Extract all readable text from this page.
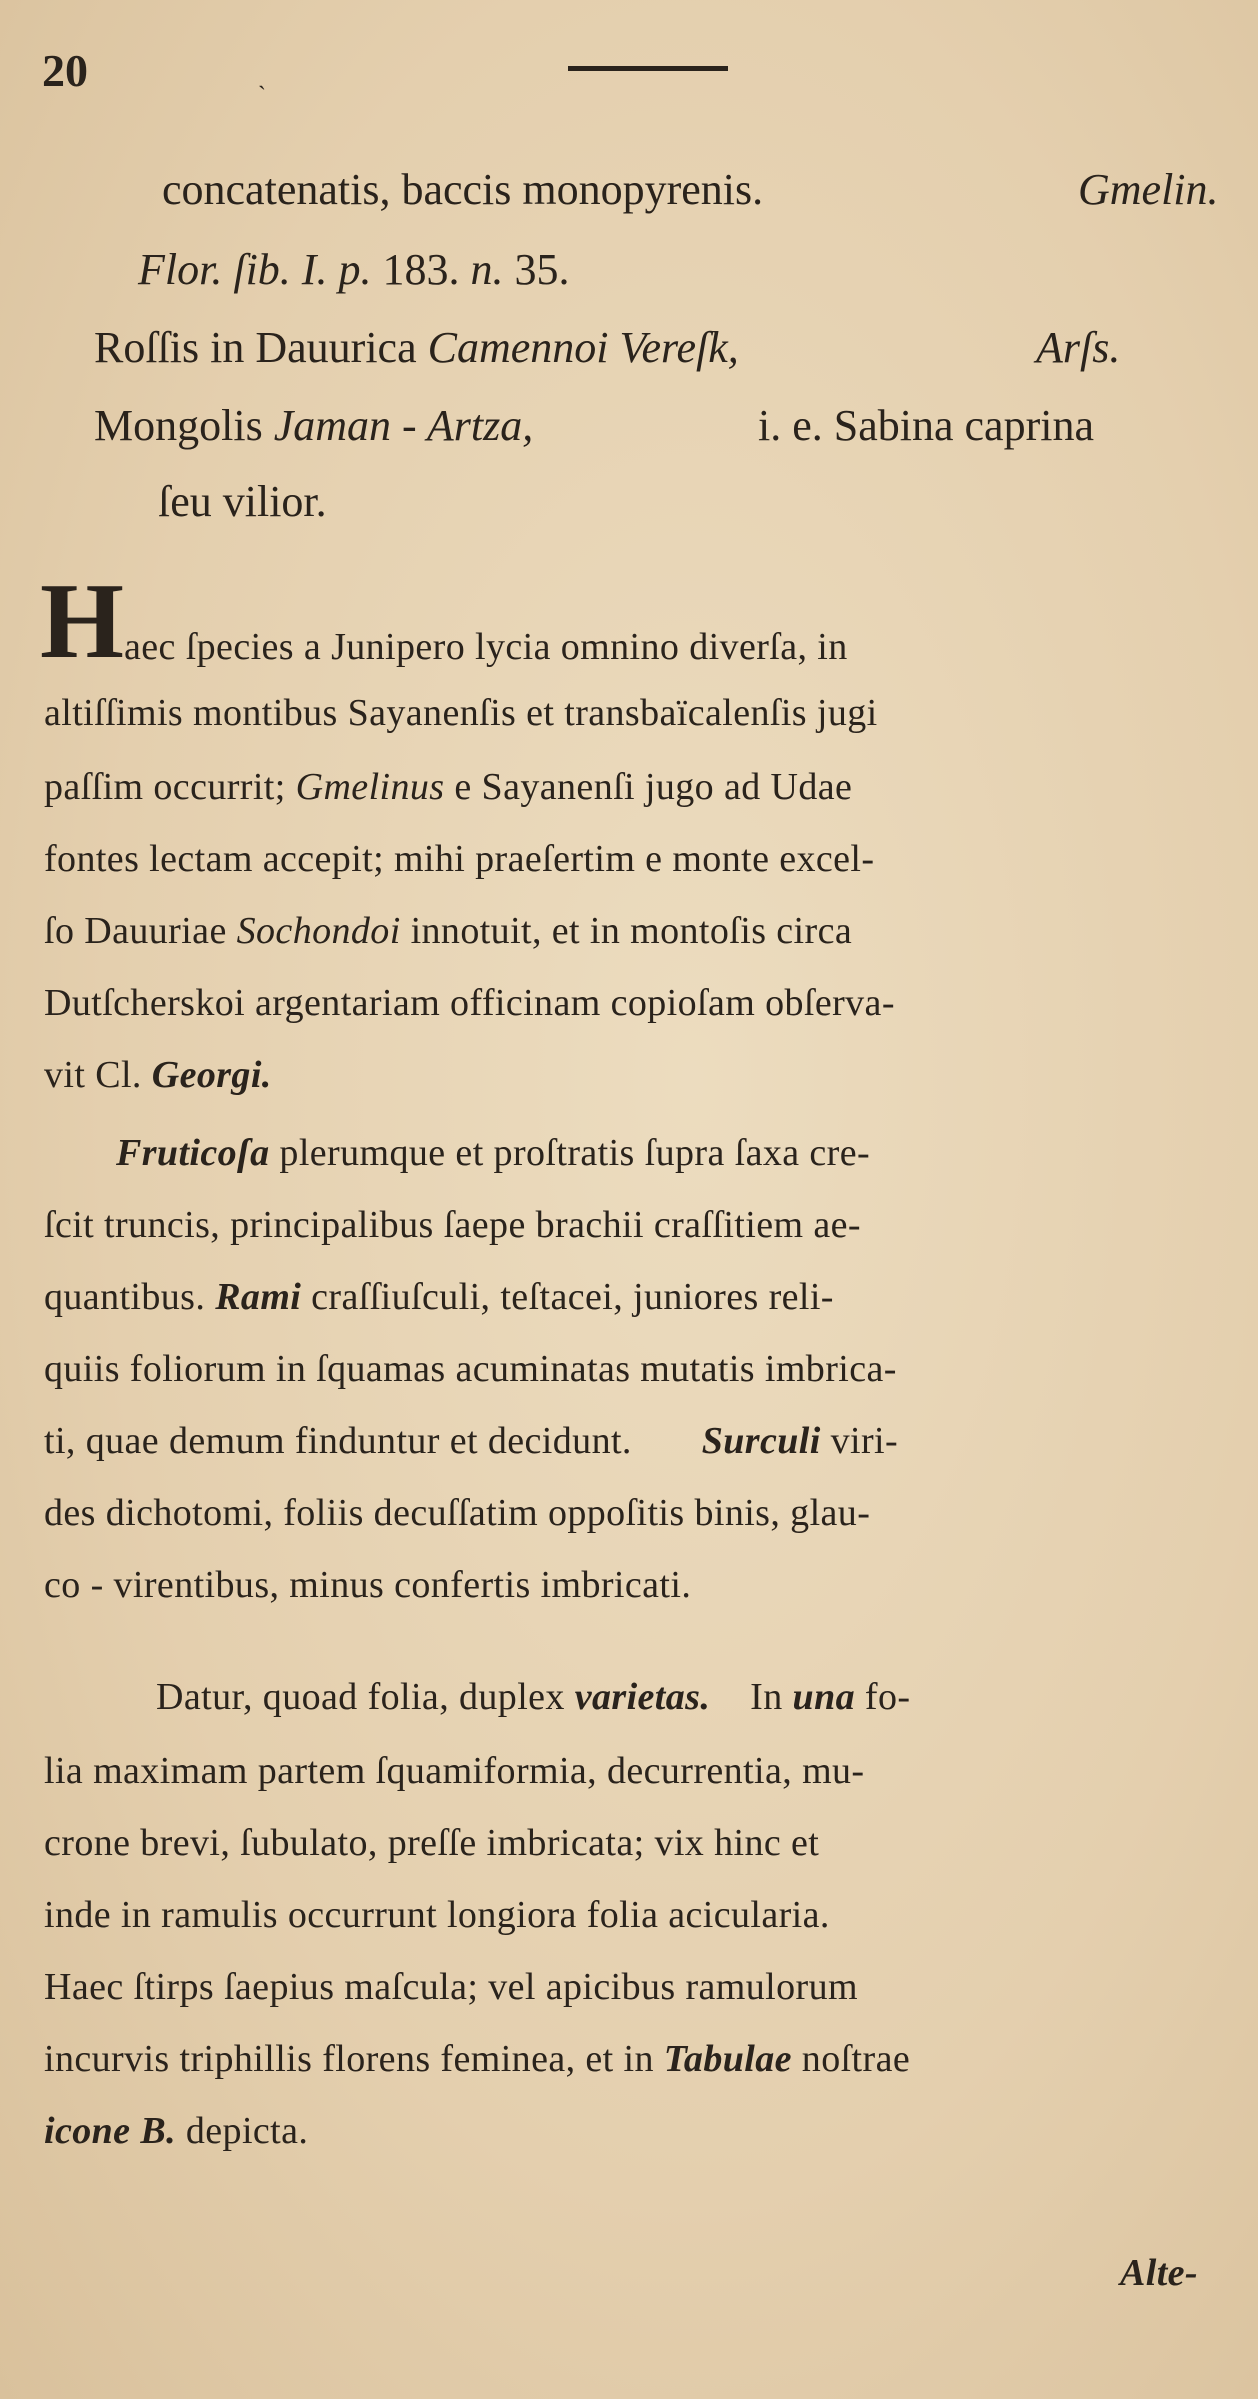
20	`
concatenatis, baccis monopyrenis.	Gmelin.
Flor. ſib. I. p. 183. n. 35.
Roſſis in Dauurica Camennoi Vereſk,	Arſs.
Mongolis Jaman - Artza,	i. e. Sabina caprina
ſeu vilior.
H aec ſpecies a Junipero lycia omnino diverſa, in
altiſſimis montibus Sayanenſis et transbaïcalenſis jugi
paſſim occurrit; Gmelinus e Sayanenſi jugo ad Udae
fontes lectam accepit; mihi praeſertim e monte excel-
ſo Dauuriae Sochondoi innotuit, et in montoſis circa
Dutſcherskoi argentariam officinam copioſam obſerva-
vit Cl. Georgi.
Fruticoſa plerumque et proſtratis ſupra ſaxa cre-
ſcit truncis, principalibus ſaepe brachii craſſitiem ae-
quantibus. Rami craſſiuſculi, teſtacei, juniores reli-
quiis foliorum in ſquamas acuminatas mutatis imbrica-
ti, quae demum finduntur et decidunt. Surculi viri-
des dichotomi, foliis decuſſatim oppoſitis binis, glau-
co - virentibus, minus confertis imbricati.
Datur, quoad folia, duplex varietas. In una fo-
lia maximam partem ſquamiformia, decurrentia, mu-
crone brevi, ſubulato, preſſe imbricata; vix hinc et
inde in ramulis occurrunt longiora folia acicularia.
Haec ſtirps ſaepius maſcula; vel apicibus ramulorum
incurvis triphillis florens feminea, et in Tabulae noſtrae
icone B. depicta.
Alte-
